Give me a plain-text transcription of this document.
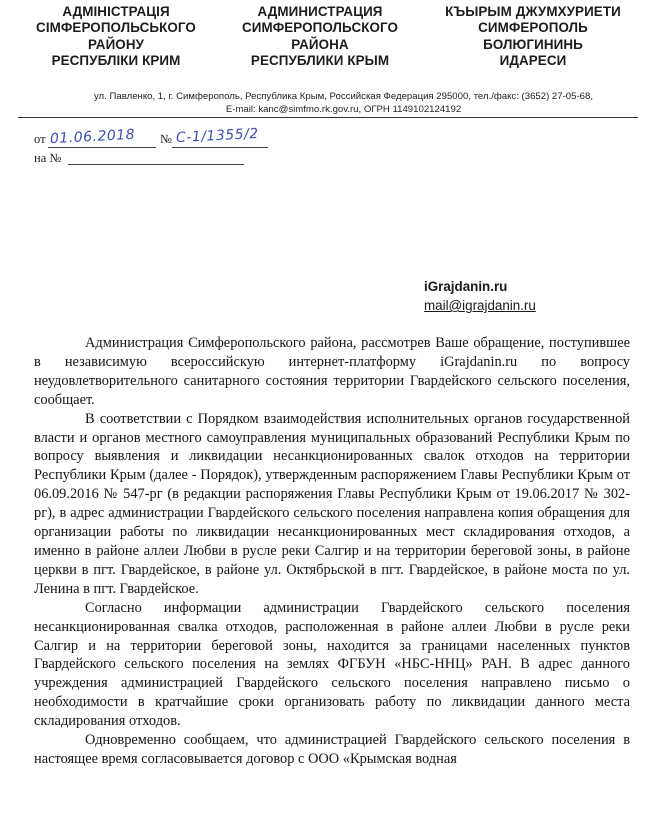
АДМІНІСТРАЦІЯ
СІМФЕРОПОЛЬСЬКОГО
РАЙОНУ
РЕСПУБЛІКИ КРИМ
АДМИНИСТРАЦИЯ
СИМФЕРОПОЛЬСКОГО
РАЙОНА
РЕСПУБЛИКИ КРЫМ
КЪЫРЫМ ДЖУМХУРИЕТИ
СИМФЕРОПОЛЬ
БОЛЮГИНИНЬ
ИДАРЕСИ
ул. Павленко, 1, г. Симферополь, Республика Крым, Российская Федерация 295000, тел./факс: (3652) 27-05-68,
E-mail: kanc@simfmo.rk.gov.ru, ОГРН 1149102124192
от	№
01.06.2018	С-1/1355/2
на №
iGrajdanin.ru
mail@igrajdanin.ru

Администрация Симферопольского района, рассмотрев Ваше обращение, поступившее в независимую всероссийскую интернет-платформу iGrajdanin.ru по вопросу неудовлетворительного санитарного состояния территории Гвардейского сельского поселения, сообщает.

В соответствии с Порядком взаимодействия исполнительных органов государственной власти и органов местного самоуправления муниципальных образований Республики Крым по вопросу выявления и ликвидации несанкционированных свалок отходов на территории Республики Крым (далее - Порядок), утвержденным распоряжением Главы Республики Крым от 06.09.2016 № 547-рг (в редакции распоряжения Главы Республики Крым от 19.06.2017 № 302-рг), в адрес администрации Гвардейского сельского поселения направлена копия обращения для организации работы по ликвидации несанкционированных мест складирования отходов, а именно в районе аллеи Любви в русле реки Салгир и на территории береговой зоны, в районе церкви в пгт. Гвардейское, в районе ул. Октябрьской в пгт. Гвардейское, в районе моста по ул. Ленина в пгт. Гвардейское.

Согласно информации администрации Гвардейского сельского поселения несанкционированная свалка отходов, расположенная в районе аллеи Любви в русле реки Салгир и на территории береговой зоны, находится за границами населенных пунктов Гвардейского сельского поселения на землях ФГБУН «НБС-ННЦ» РАН. В адрес данного учреждения администрацией Гвардейского сельского поселения направлено письмо о необходимости в кратчайшие сроки организовать работу по ликвидации данного места складирования отходов.

Одновременно сообщаем, что администрацией Гвардейского сельского поселения в настоящее время согласовывается договор с ООО «Крымская водная
